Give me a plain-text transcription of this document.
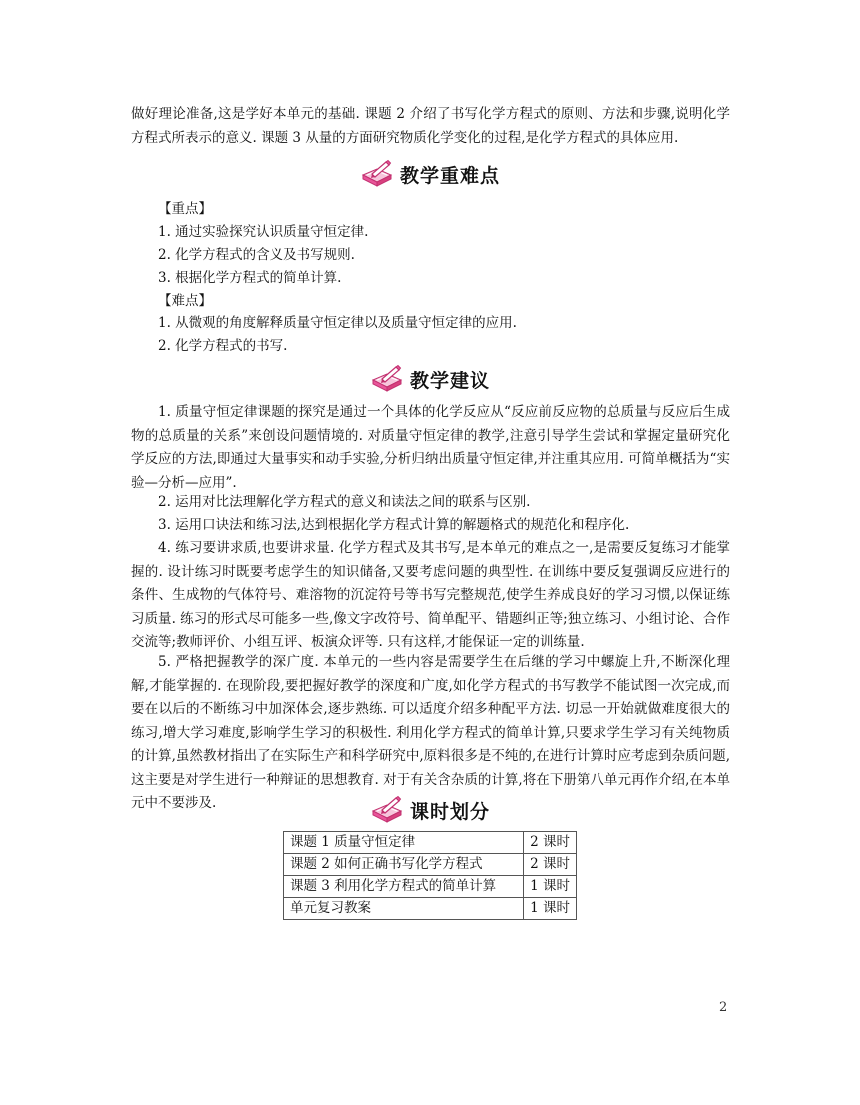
做好理论准备,这是学好本单元的基础. 课题 2 介绍了书写化学方程式的原则、方法和步骤,说明化学方程式所表示的意义. 课题 3 从量的方面研究物质化学变化的过程,是化学方程式的具体应用.
教学重难点
【重点】
1. 通过实验探究认识质量守恒定律.
2. 化学方程式的含义及书写规则.
3. 根据化学方程式的简单计算.
【难点】
1. 从微观的角度解释质量守恒定律以及质量守恒定律的应用.
2. 化学方程式的书写.
教学建议
1. 质量守恒定律课题的探究是通过一个具体的化学反应从“反应前反应物的总质量与反应后生成物的总质量的关系”来创设问题情境的. 对质量守恒定律的教学,注意引导学生尝试和掌握定量研究化学反应的方法,即通过大量事实和动手实验,分析归纳出质量守恒定律,并注重其应用. 可简单概括为“实验—分析—应用”.
2. 运用对比法理解化学方程式的意义和读法之间的联系与区别.
3. 运用口诀法和练习法,达到根据化学方程式计算的解题格式的规范化和程序化.
4. 练习要讲求质,也要讲求量. 化学方程式及其书写,是本单元的难点之一,是需要反复练习才能掌握的. 设计练习时既要考虑学生的知识储备,又要考虑问题的典型性. 在训练中要反复强调反应进行的条件、生成物的气体符号、难溶物的沉淀符号等书写完整规范,使学生养成良好的学习习惯,以保证练习质量. 练习的形式尽可能多一些,像文字改符号、简单配平、错题纠正等;独立练习、小组讨论、合作交流等;教师评价、小组互评、板演众评等. 只有这样,才能保证一定的训练量.
5. 严格把握教学的深广度. 本单元的一些内容是需要学生在后继的学习中螺旋上升,不断深化理解,才能掌握的. 在现阶段,要把握好教学的深度和广度,如化学方程式的书写教学不能试图一次完成,而要在以后的不断练习中加深体会,逐步熟练. 可以适度介绍多种配平方法. 切忌一开始就做难度很大的练习,增大学习难度,影响学生学习的积极性. 利用化学方程式的简单计算,只要求学生学习有关纯物质的计算,虽然教材指出了在实际生产和科学研究中,原料很多是不纯的,在进行计算时应考虑到杂质问题,这主要是对学生进行一种辩证的思想教育. 对于有关含杂质的计算,将在下册第八单元再作介绍,在本单元中不要涉及.	课时划分
课题 1 质量守恒定律	2 课时
课题 2 如何正确书写化学方程式	2 课时
课题 3 利用化学方程式的简单计算	1 课时
单元复习教案	1 课时
2
